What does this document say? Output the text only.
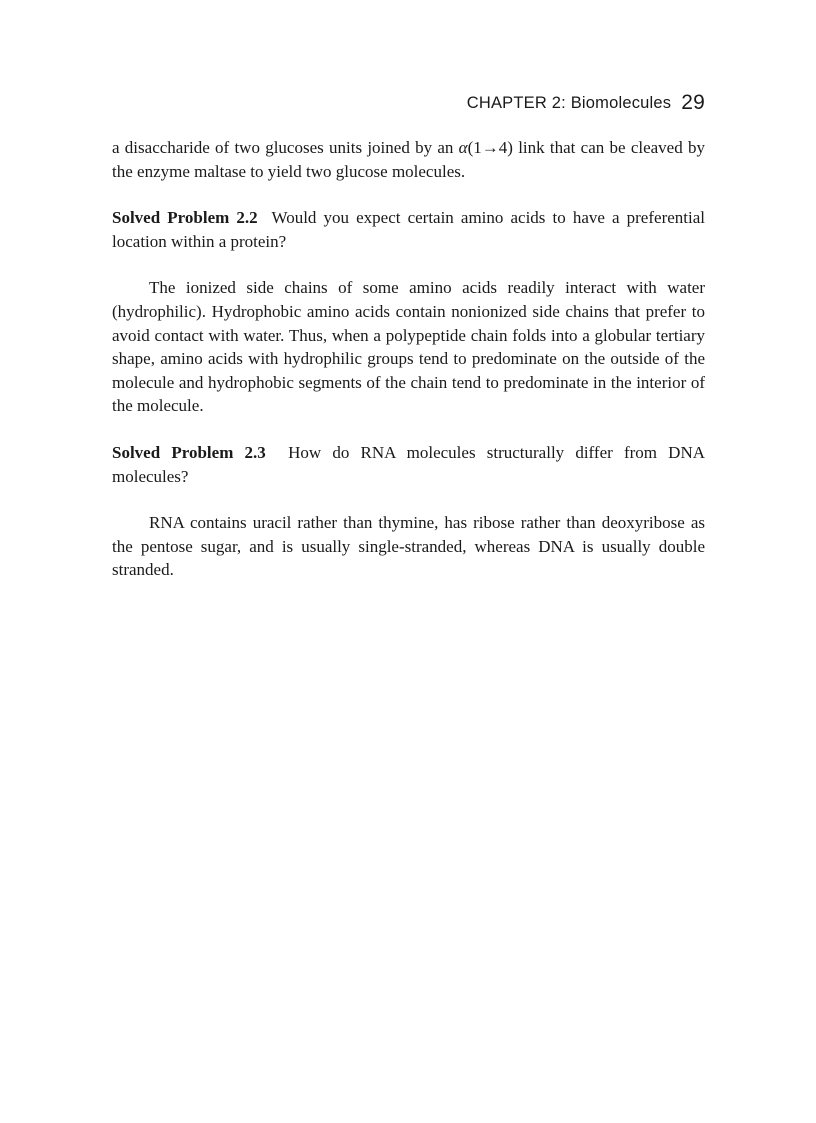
CHAPTER 2: Biomolecules 29

a disaccharide of two glucoses units joined by an α(1→4) link that can be cleaved by the enzyme maltase to yield two glucose molecules.

Solved Problem 2.2 Would you expect certain amino acids to have a preferential location within a protein?

The ionized side chains of some amino acids readily interact with water (hydrophilic). Hydrophobic amino acids contain nonionized side chains that prefer to avoid contact with water. Thus, when a polypeptide chain folds into a globular tertiary shape, amino acids with hydrophilic groups tend to predominate on the outside of the molecule and hydrophobic segments of the chain tend to predominate in the interior of the molecule.

Solved Problem 2.3 How do RNA molecules structurally differ from DNA molecules?

RNA contains uracil rather than thymine, has ribose rather than deoxyribose as the pentose sugar, and is usually single-stranded, whereas DNA is usually double stranded.
